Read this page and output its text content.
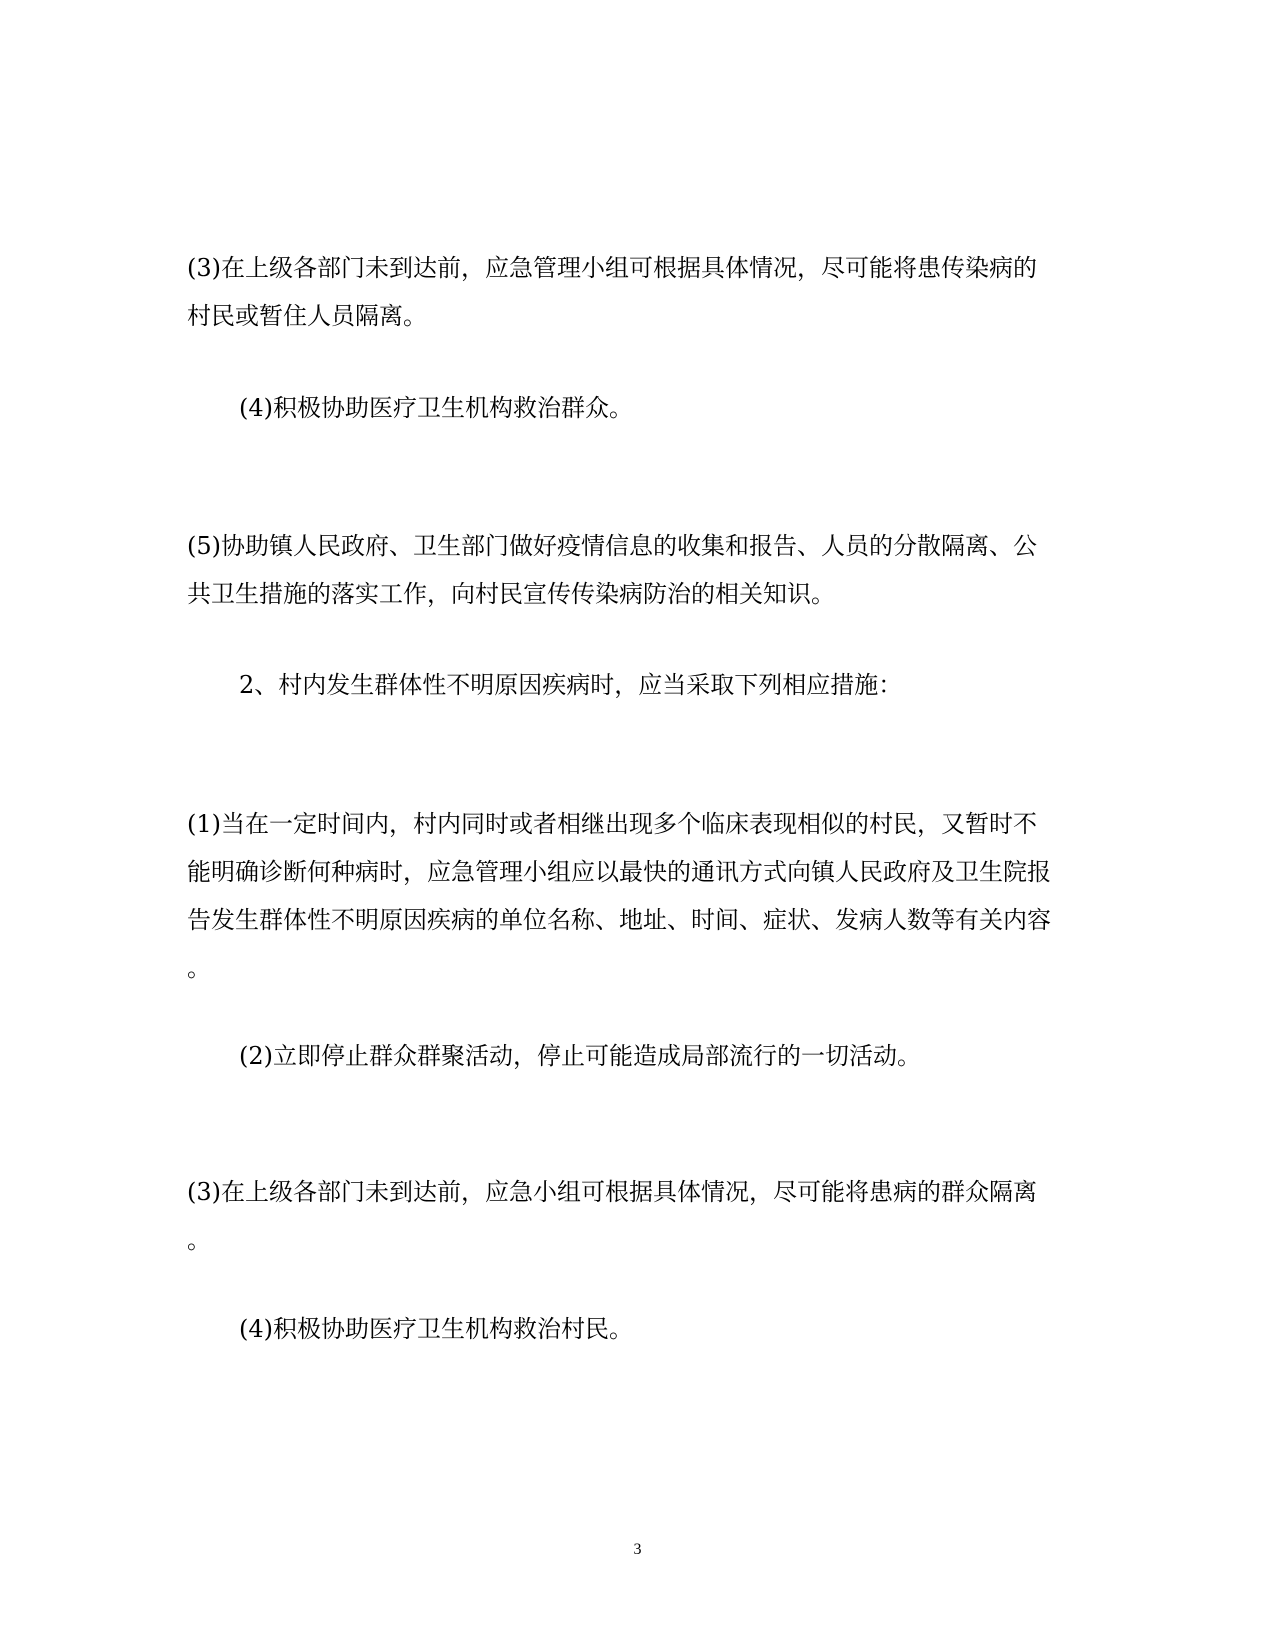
(3)在上级各部门未到达前，应急管理小组可根据具体情况，尽可能将患传染病的
村民或暂住人员隔离。
(4)积极协助医疗卫生机构救治群众。
(5)协助镇人民政府、卫生部门做好疫情信息的收集和报告、人员的分散隔离、公
共卫生措施的落实工作，向村民宣传传染病防治的相关知识。
2、村内发生群体性不明原因疾病时，应当采取下列相应措施：
(1)当在一定时间内，村内同时或者相继出现多个临床表现相似的村民，又暂时不
能明确诊断何种病时，应急管理小组应以最快的通讯方式向镇人民政府及卫生院报
告发生群体性不明原因疾病的单位名称、地址、时间、症状、发病人数等有关内容
。
(2)立即停止群众群聚活动，停止可能造成局部流行的一切活动。
(3)在上级各部门未到达前，应急小组可根据具体情况，尽可能将患病的群众隔离
。
(4)积极协助医疗卫生机构救治村民。
3
